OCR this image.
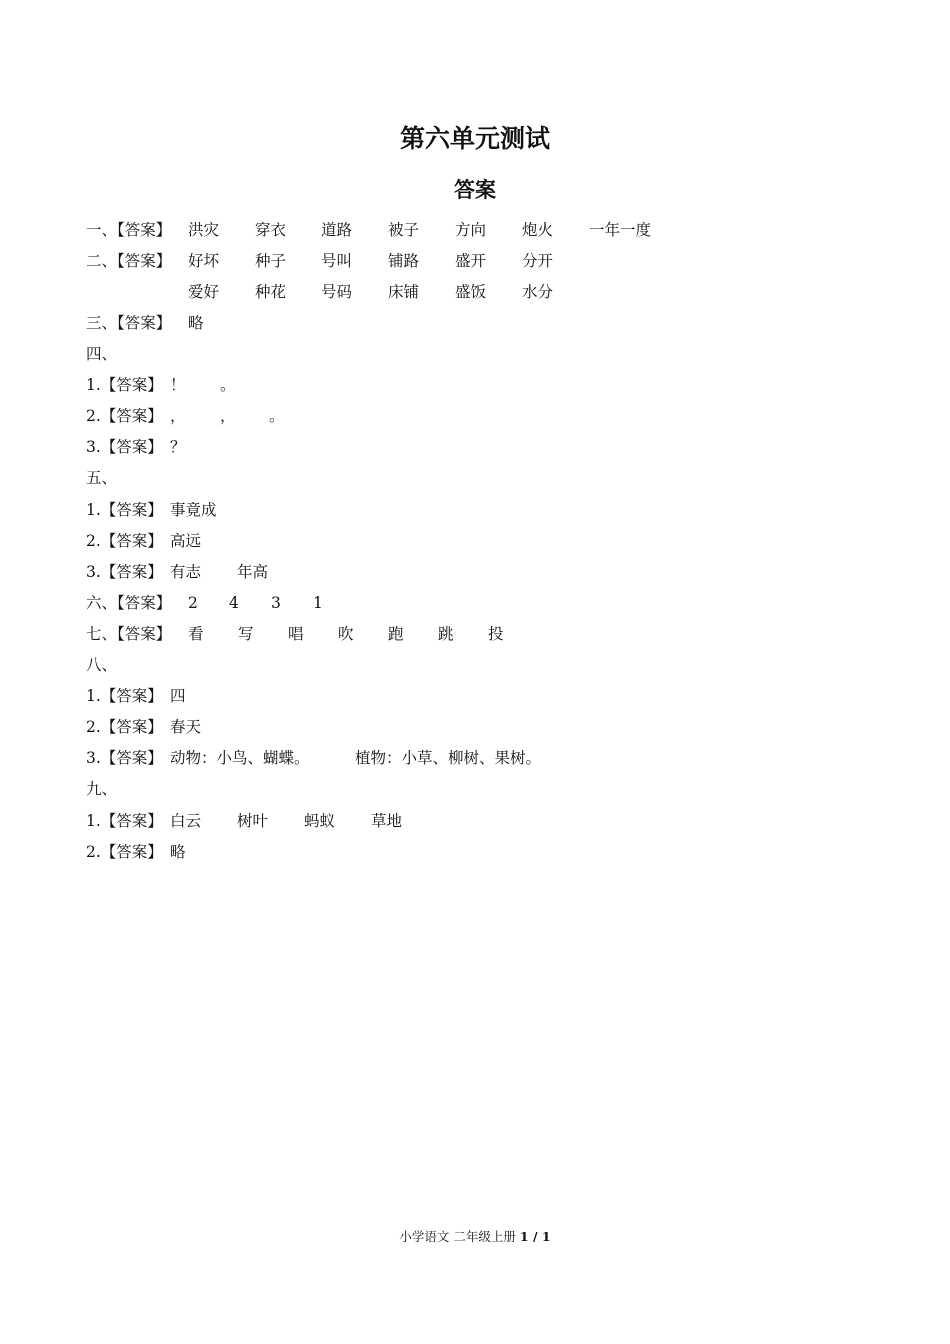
第六单元测试
答案
一、【答案】 洪灾 穿衣 道路 被子 方向 炮火 一年一度
二、【答案】 好坏 种子 号叫 铺路 盛开 分开
爱好 种花 号码 床铺 盛饭 水分
三、【答案】 略
四、
1.【答案】 ！ 。
2.【答案】 ， ， 。
3.【答案】 ？
五、
1.【答案】 事竟成
2.【答案】 高远
3.【答案】 有志 年高
六、【答案】 2 4 3 1
七、【答案】 看 写 唱 吹 跑 跳 投
八、
1.【答案】 四
2.【答案】 春天
3.【答案】 动物：小鸟、蝴蝶。	植物：小草、柳树、果树。
九、
1.【答案】 白云 树叶 蚂蚁 草地
2.【答案】 略
小学语文 二年级上册 1 / 1
